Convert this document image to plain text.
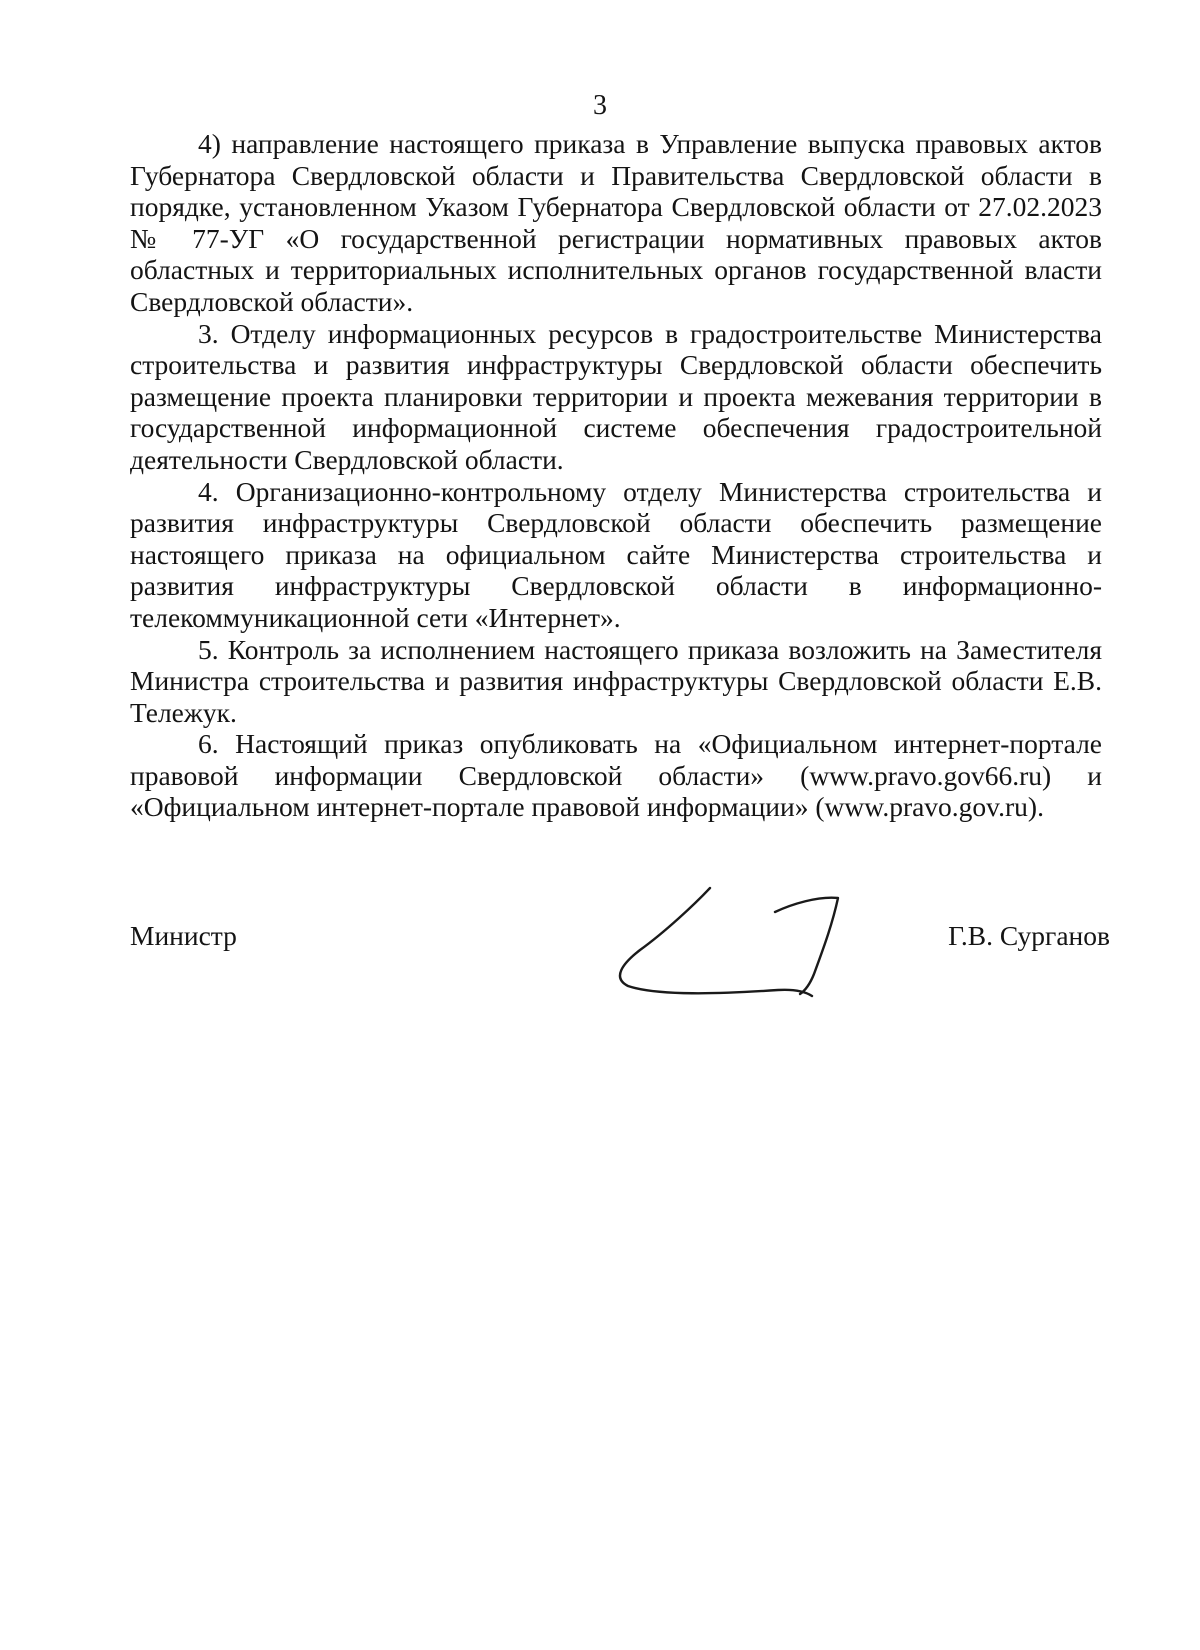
3

4) направление настоящего приказа в Управление выпуска правовых актов Губернатора Свердловской области и Правительства Свердловской области в порядке, установленном Указом Губернатора Свердловской области от 27.02.2023 № 77-УГ «О государственной регистрации нормативных правовых актов областных и территориальных исполнительных органов государственной власти Свердловской области».

3. Отделу информационных ресурсов в градостроительстве Министерства строительства и развития инфраструктуры Свердловской области обеспечить размещение проекта планировки территории и проекта межевания территории в государственной информационной системе обеспечения градостроительной деятельности Свердловской области.

4. Организационно-контрольному отделу Министерства строительства и развития инфраструктуры Свердловской области обеспечить размещение настоящего приказа на официальном сайте Министерства строительства и развития инфраструктуры Свердловской области в информационно-телекоммуникационной сети «Интернет».

5. Контроль за исполнением настоящего приказа возложить на Заместителя Министра строительства и развития инфраструктуры Свердловской области Е.В. Тележук.

6. Настоящий приказ опубликовать на «Официальном интернет-портале правовой информации Свердловской области» (www.pravo.gov66.ru) и «Официальном интернет-портале правовой информации» (www.pravo.gov.ru).

Министр	Г.В. Сурганов
